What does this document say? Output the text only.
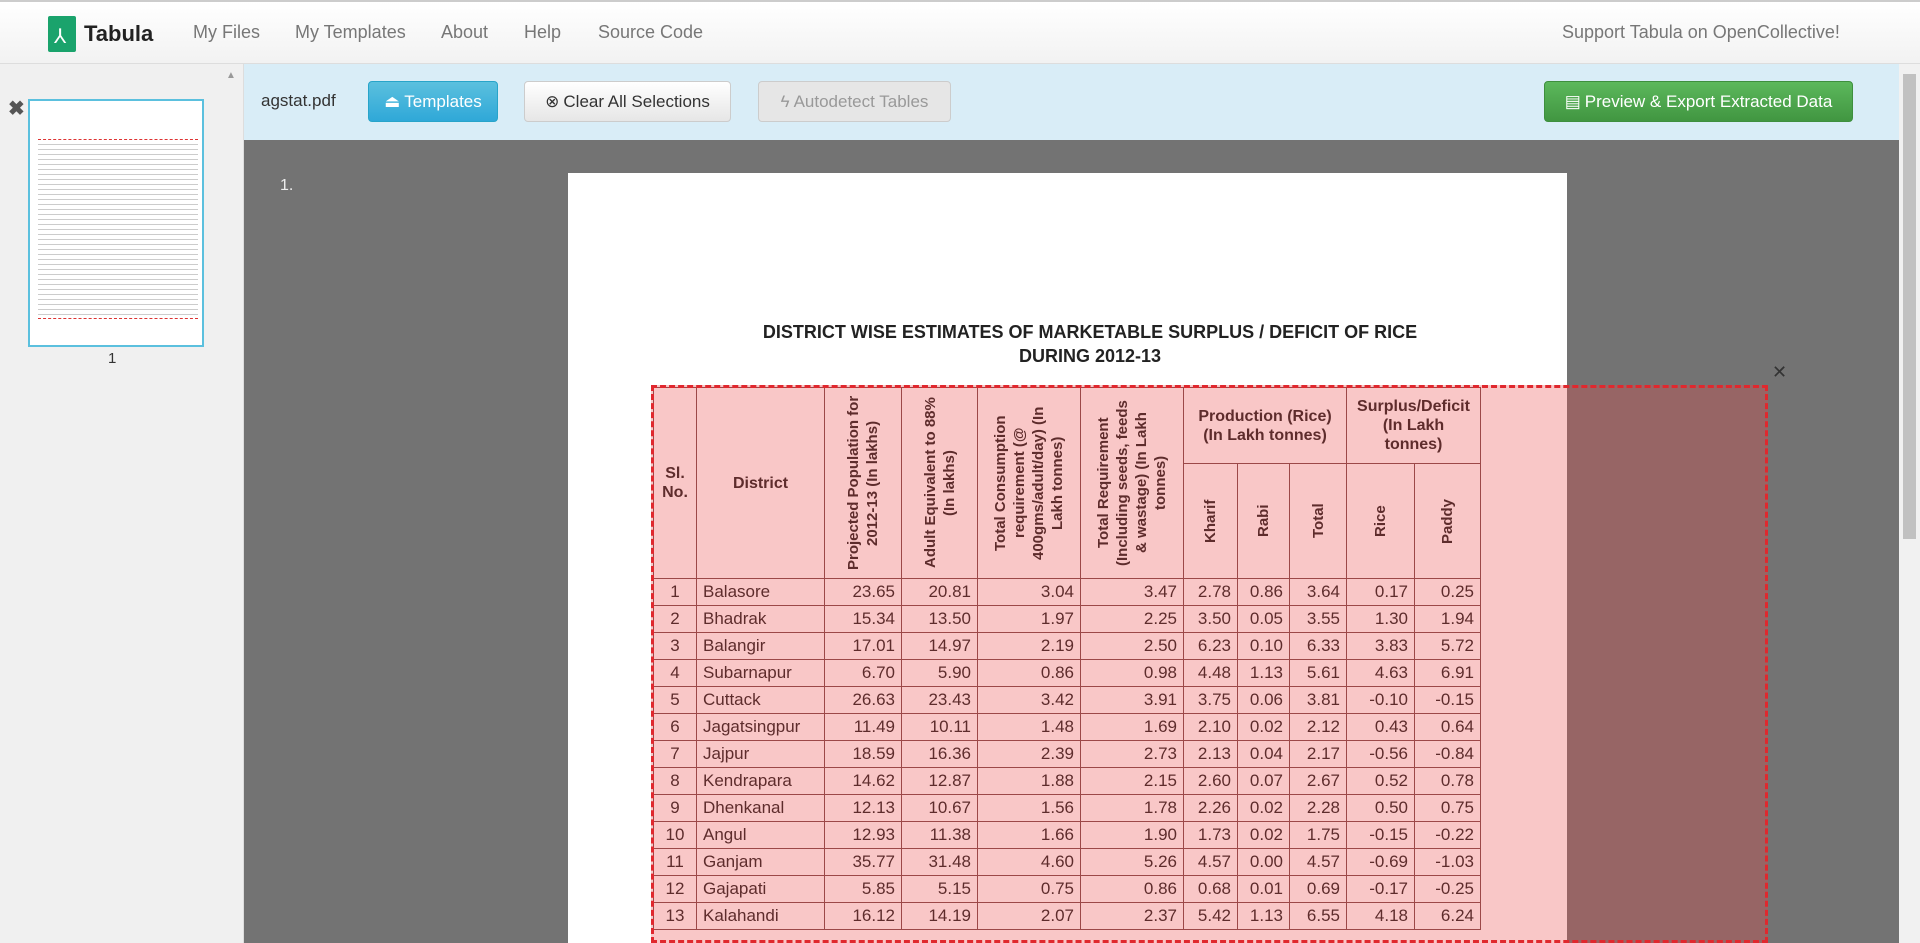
⅄ Tabula My Files My Templates About Help Source Code	Support Tabula on OpenCollective!
▲
✖
1
agstat.pdf	⏏ Templates	⊗ Clear All Selections	ϟ Autodetect Tables	▤ Preview & Export Extracted Data
1.
DISTRICT WISE ESTIMATES OF MARKETABLE SURPLUS / DEFICIT OF RICE
DURING 2012-13
Sl. No.	District	Projected Population for 2012-13 (In lakhs)	Adult Equivalent to 88% (In lakhs)	Total Consumption requirement (@ 400gms/adult/day) (In Lakh tonnes)	Total Requirement (Including seeds, feeds & wastage) (In Lakh tonnes)	Production (Rice) (In Lakh tonnes)			Surplus/Deficit (In Lakh tonnes)	

						Kharif	Rabi	Total	Rice	Paddy

1	Balasore	23.65	20.81	3.04	3.47	2.78	0.86	3.64	0.17	0.25
2	Bhadrak	15.34	13.50	1.97	2.25	3.50	0.05	3.55	1.30	1.94
3	Balangir	17.01	14.97	2.19	2.50	6.23	0.10	6.33	3.83	5.72
4	Subarnapur	6.70	5.90	0.86	0.98	4.48	1.13	5.61	4.63	6.91
5	Cuttack	26.63	23.43	3.42	3.91	3.75	0.06	3.81	-0.10	-0.15
6	Jagatsingpur	11.49	10.11	1.48	1.69	2.10	0.02	2.12	0.43	0.64
7	Jajpur	18.59	16.36	2.39	2.73	2.13	0.04	2.17	-0.56	-0.84
8	Kendrapara	14.62	12.87	1.88	2.15	2.60	0.07	2.67	0.52	0.78
9	Dhenkanal	12.13	10.67	1.56	1.78	2.26	0.02	2.28	0.50	0.75
10	Angul	12.93	11.38	1.66	1.90	1.73	0.02	1.75	-0.15	-0.22
11	Ganjam	35.77	31.48	4.60	5.26	4.57	0.00	4.57	-0.69	-1.03
12	Gajapati	5.85	5.15	0.75	0.86	0.68	0.01	0.69	-0.17	-0.25
13	Kalahandi	16.12	14.19	2.07	2.37	5.42	1.13	6.55	4.18	6.24
✕
